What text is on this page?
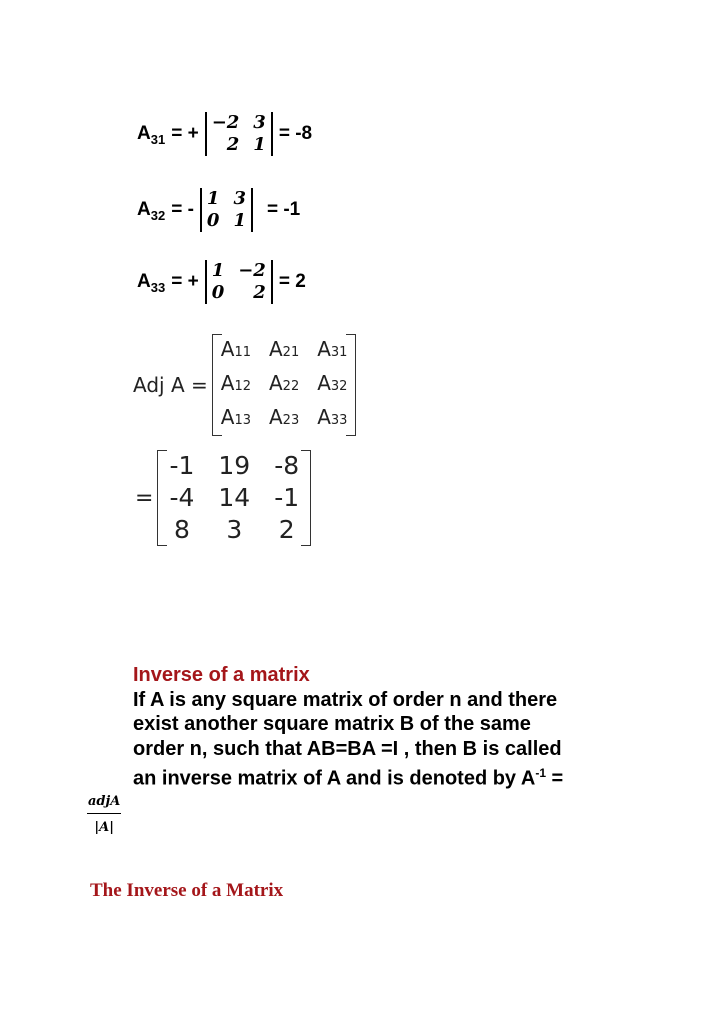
$A_{31}$ = +
−2	3
2	1
= -8
$A_{32}$ = -
1	3
0	1
= -1
$A_{33}$ = +
1	−2
0	2
= 2
Adj A =
A11	A21	A31
A12	A22	A32
A13	A23	A33
=
-1	19	-8
-4	14	-1
8	3	2

Inverse of a matrix

If A is any square matrix of order n and there

exist another square matrix B of the same

order n, such that AB=BA =I , then B is called

an inverse matrix of A and is denoted by $A^{-1}$ =

adjA
|A|
The Inverse of a Matrix
